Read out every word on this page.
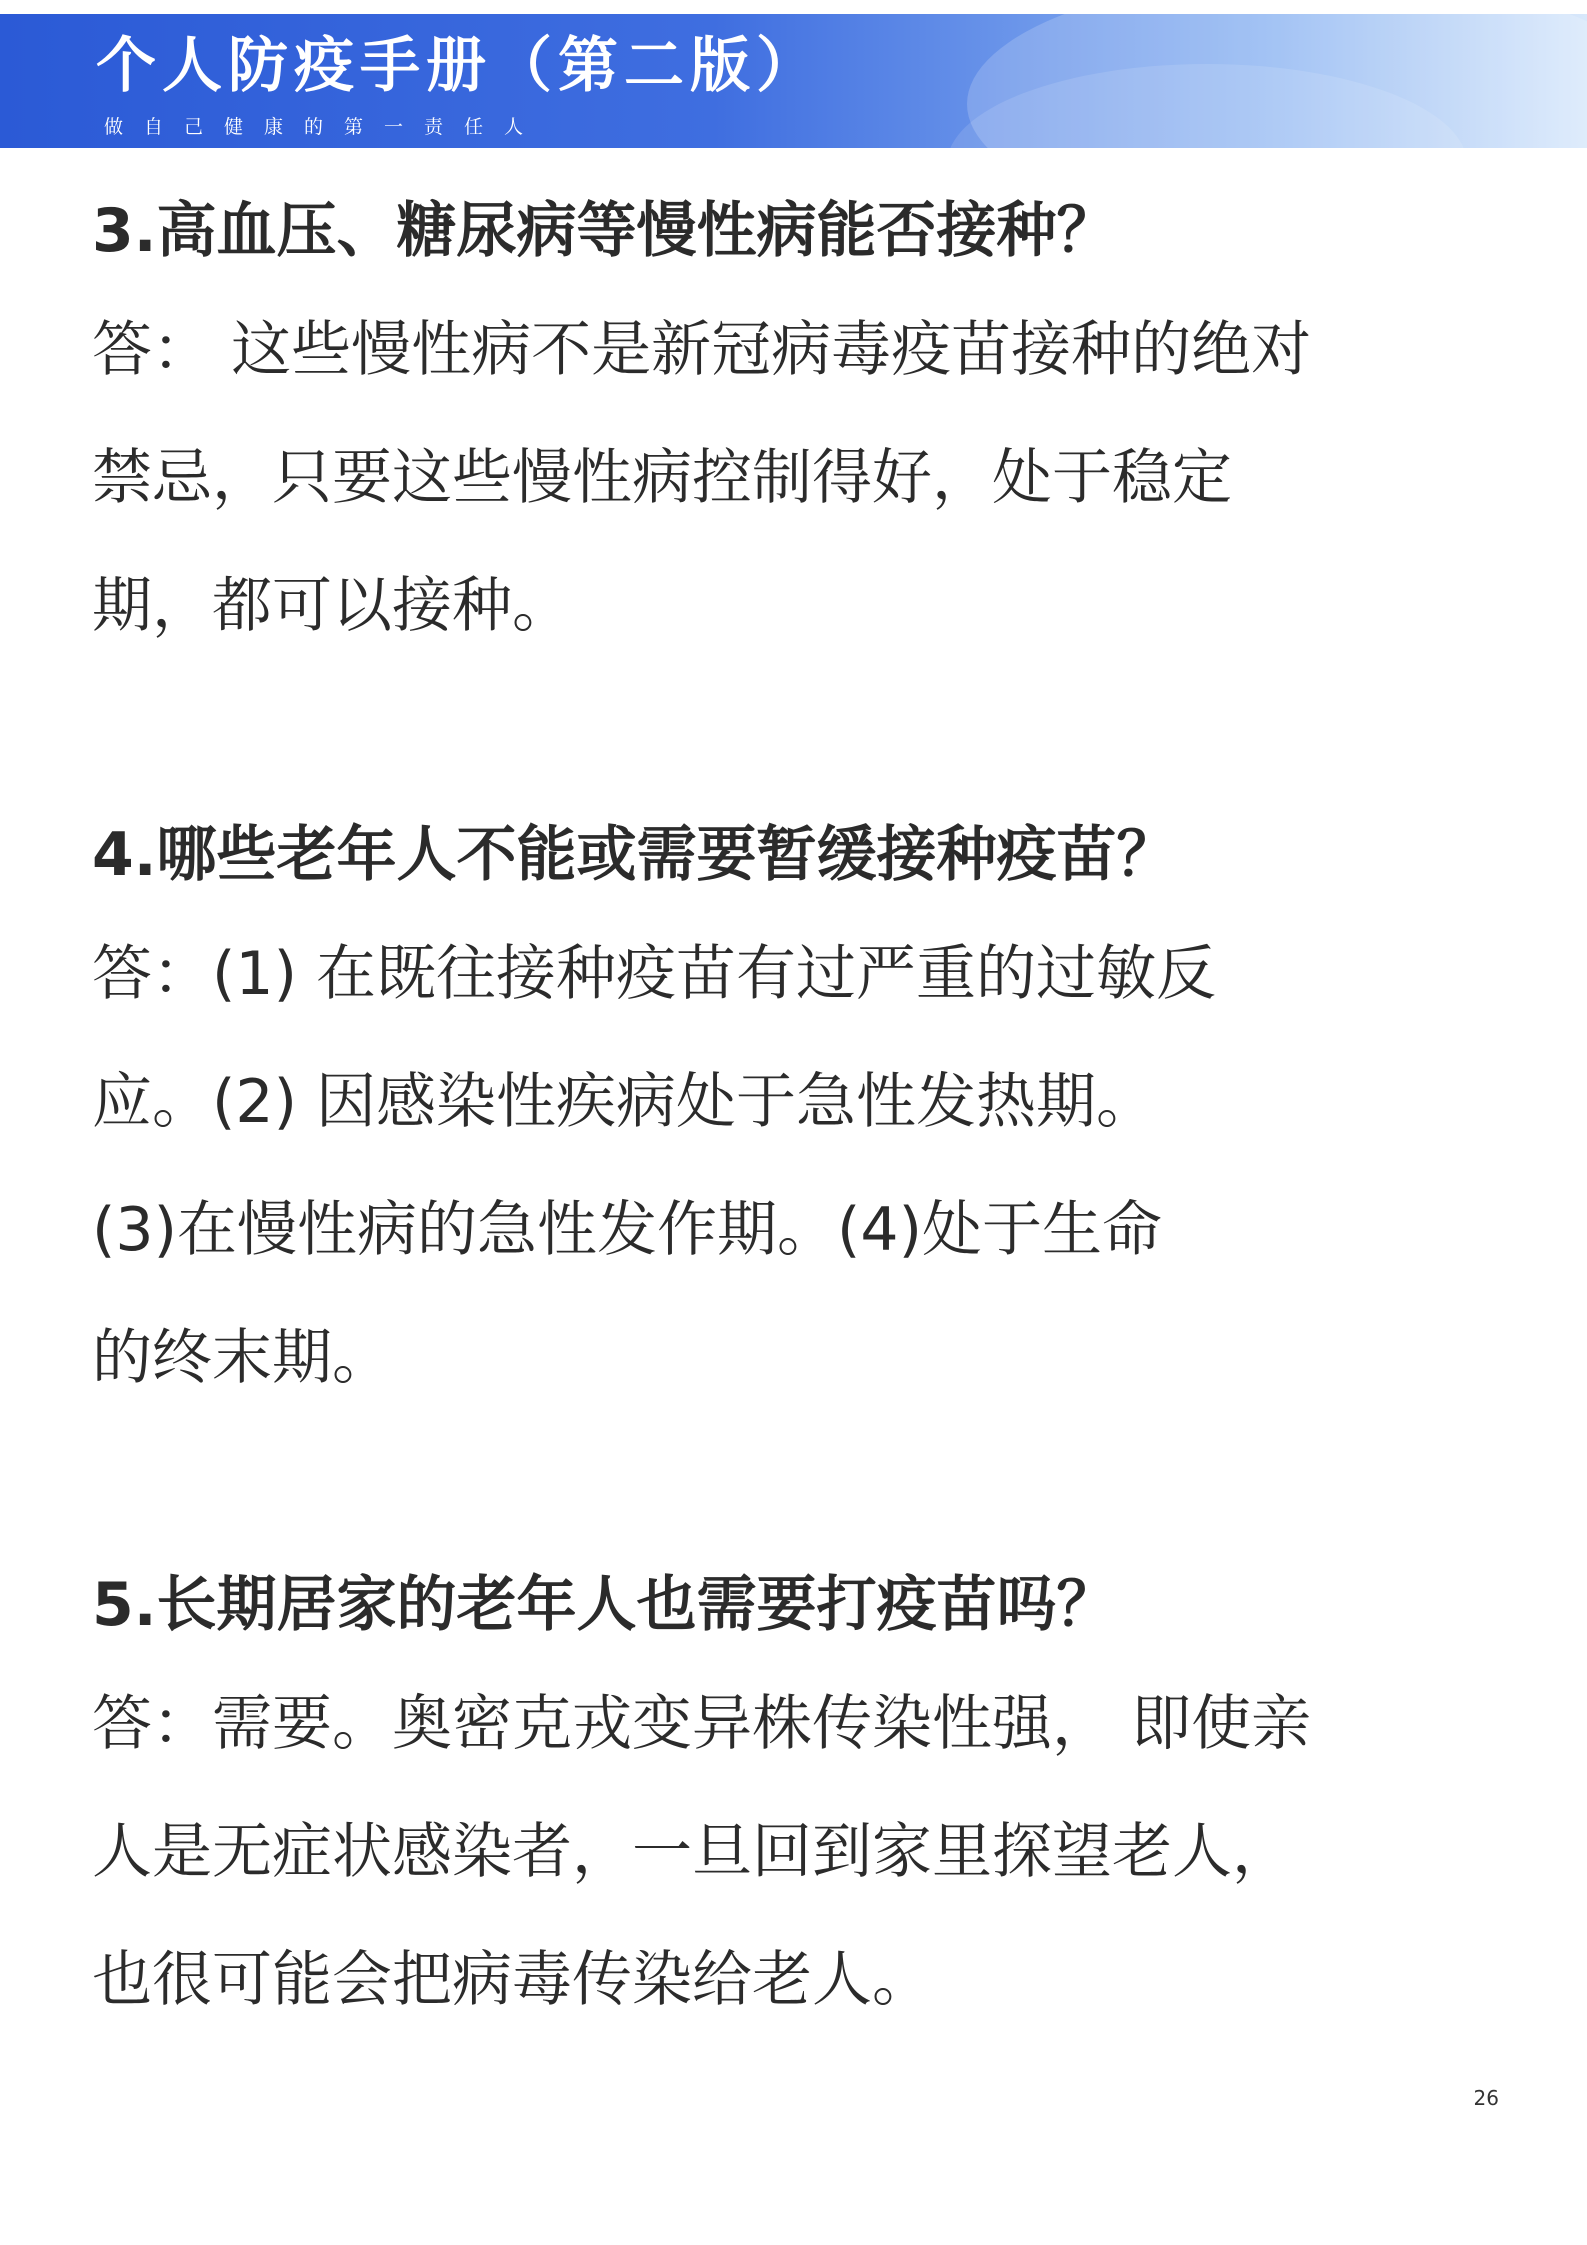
个人防疫手册（第二版）
做自己健康的第一责任人

3.高血压、糖尿病等慢性病能否接种？

答： 这些慢性病不是新冠病毒疫苗接种的绝对
禁忌，只要这些慢性病控制得好，处于稳定
期，都可以接种。

4.哪些老年人不能或需要暂缓接种疫苗？

答：(1) 在既往接种疫苗有过严重的过敏反
应。(2) 因感染性疾病处于急性发热期。
(3)在慢性病的急性发作期。(4)处于生命
的终末期。

5.长期居家的老年人也需要打疫苗吗？

答：需要。奥密克戎变异株传染性强， 即使亲
人是无症状感染者，一旦回到家里探望老人，
也很可能会把病毒传染给老人。

26
